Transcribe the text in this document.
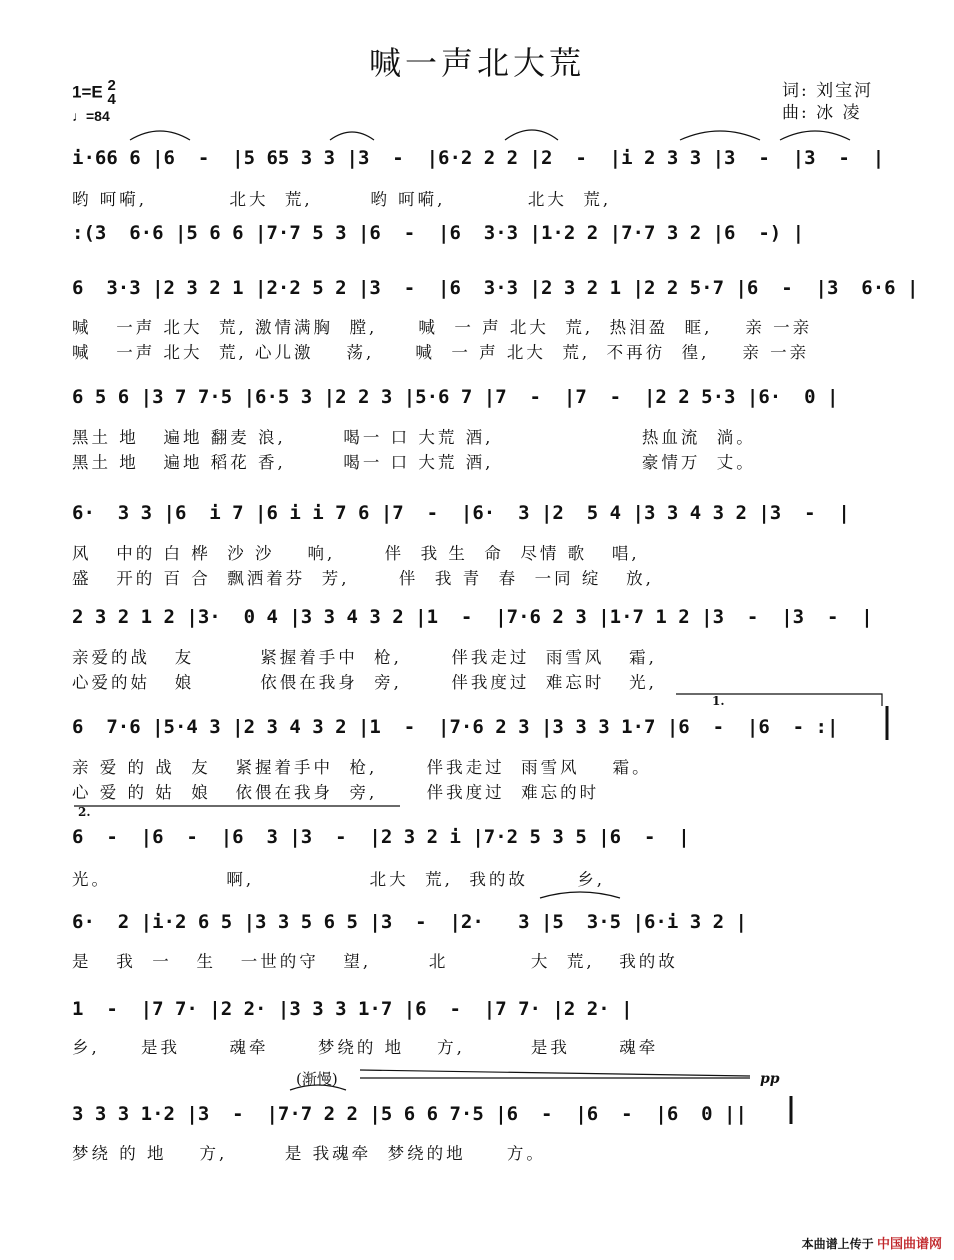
喊一声北大荒
词: 刘宝河
曲: 冰 凌
1=E 2
4
♩=84
i·66 6 |6  -  |5 65 3 3 |3  -  |6·2 2 2 |2  -  |i 2 3 3 |3  -  |3  -  |
哟 呵嗬,          北大  荒,       哟 呵嗬,          北大  荒,
:(3  6·6 |5 6 6 |7·7 5 3 |6  -  |6  3·3 |1·2 2 |7·7 3 2 |6  -) |
6  3·3 |2 3 2 1 |2·2 5 2 |3  -  |6  3·3 |2 3 2 1 |2 2 5·7 |6  -  |3  6·6 |
喊   一声 北大  荒, 激情满胸  膛,     喊  一 声 北大  荒,  热泪盈  眶,    亲 一亲
喊   一声 北大  荒, 心儿激    荡,     喊  一 声 北大  荒,  不再彷  徨,    亲 一亲
6 5 6 |3 7 7·5 |6·5 3 |2 2 3 |5·6 7 |7  -  |7  -  |2 2 5·3 |6·  0 |
黑土 地   遍地 翻麦 浪,       喝一 口 大荒 酒,                  热血流  淌。
黑土 地   遍地 稻花 香,       喝一 口 大荒 酒,                  豪情万  丈。
6·  3 3 |6  i 7 |6 i i 7 6 |7  -  |6·  3 |2  5 4 |3 3 4 3 2 |3  -  |
风   中的 白 桦  沙 沙    响,      伴  我 生  命  尽情 歌   唱,
盛   开的 百 合  飘洒着芬  芳,      伴  我 青  春  一同 绽   放,
2 3 2 1 2 |3·  0 4 |3 3 4 3 2 |1  -  |7·6 2 3 |1·7 1 2 |3  -  |3  -  |
亲爱的战   友        紧握着手中  枪,      伴我走过  雨雪风   霜,
心爱的姑   娘        依偎在我身  旁,      伴我度过  难忘时   光,
6  7·6 |5·4 3 |2 3 4 3 2 |1  -  |7·6 2 3 |3 3 3 1·7 |6  -  |6  - :|
亲 爱 的 战  友   紧握着手中  枪,      伴我走过  雨雪风    霜。
心 爱 的 姑  娘   依偎在我身  旁,      伴我度过  难忘的时
6  -  |6  -  |6  3 |3  -  |2 3 2 i |7·2 5 3 5 |6  -  |
光。              啊,              北大  荒,  我的故      乡,
6·  2 |i·2 6 5 |3 3 5 6 5 |3  -  |2·   3 |5  3·5 |6·i 3 2 |
是   我  一   生   一世的守   望,       北          大  荒,   我的故
1  -  |7 7· |2 2· |3 3 3 1·7 |6  -  |7 7· |2 2· |
乡,     是我      魂牵      梦绕的 地    方,        是我      魂牵
(渐慢)	pp
3 3 3 1·2 |3  -  |7·7 2 2 |5 6 6 7·5 |6  -  |6  -  |6  0 ||
梦绕 的 地    方,       是 我魂牵  梦绕的地     方。
1.
2.
本曲谱上传于 中国曲谱网
